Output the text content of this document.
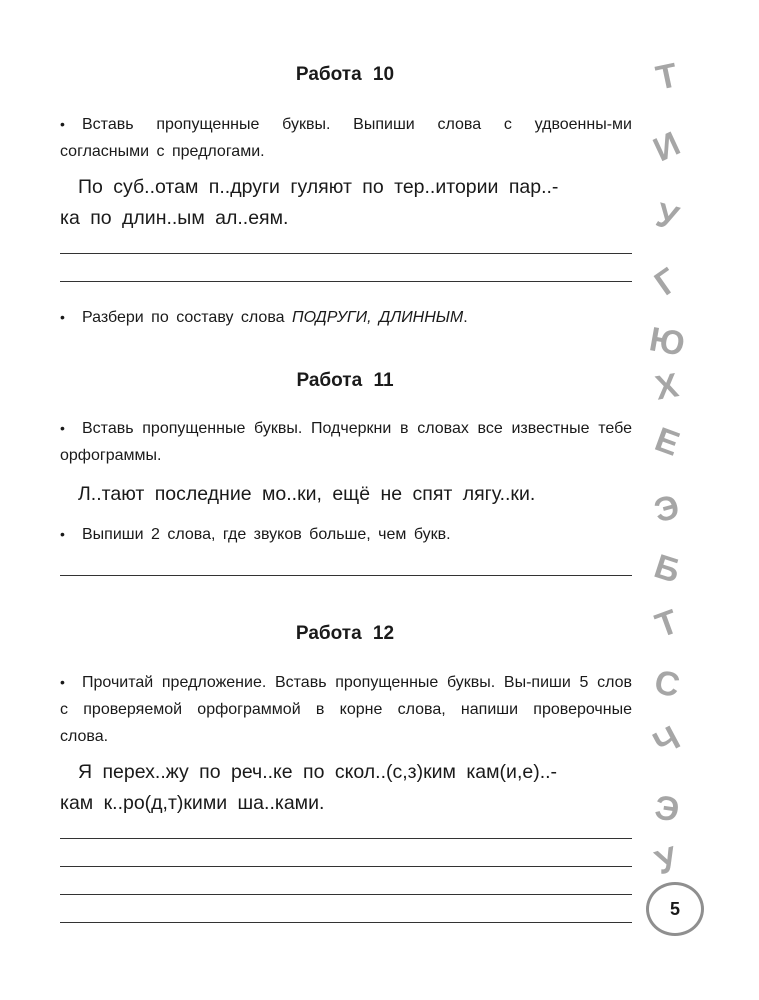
Работа 10
• Вставь пропущенные буквы. Выпиши слова с удвоенны-ми согласными с предлогами.
По суб..отам п..други гуляют по тер..итории пар..-
ка по длин..ым ал..еям.
• Разбери по составу слова ПОДРУГИ, ДЛИННЫМ.
Работа 11
• Вставь пропущенные буквы. Подчеркни в словах все известные тебе орфограммы.
Л..тают последние мо..ки, ещё не спят лягу..ки.
• Выпиши 2 слова, где звуков больше, чем букв.
Работа 12
• Прочитай предложение. Вставь пропущенные буквы. Вы-пиши 5 слов с проверяемой орфограммой в корне слова, напиши проверочные слова.
Я перех..жу по реч..ке по скол..(с,з)ким кам(и,е)..-
кам к..ро(д,т)кими ша..ками.
Т
И
У
Г
Ю
Х
Е
Э
Б
Т
С
Ч
Э
У
5
